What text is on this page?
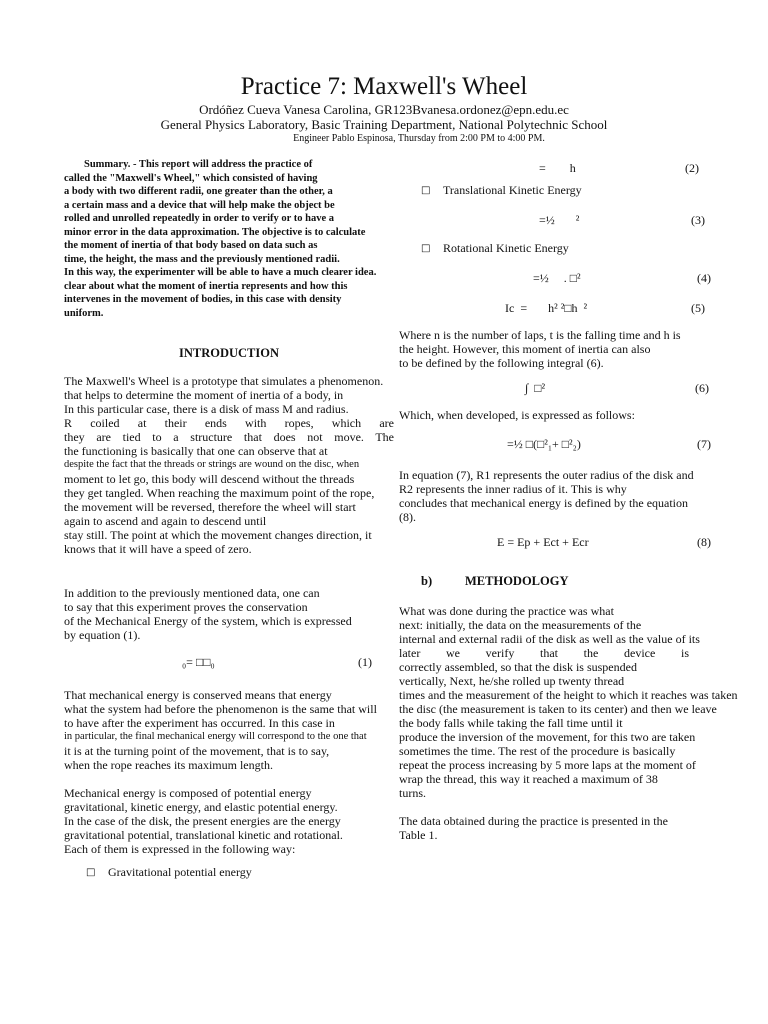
Practice 7: Maxwell's Wheel
Ordóñez Cueva Vanesa Carolina, GR123Bvanesa.ordonez@epn.edu.ec
General Physics Laboratory, Basic Training Department, National Polytechnic School
Engineer Pablo Espinosa, Thursday from 2:00 PM to 4:00 PM.
Summary. - This report will address the practice of
called the "Maxwell's Wheel," which consisted of having
a body with two different radii, one greater than the other, a
a certain mass and a device that will help make the object be
rolled and unrolled repeatedly in order to verify or to have a
minor error in the data approximation. The objective is to calculate
the moment of inertia of that body based on data such as
time, the height, the mass and the previously mentioned radii.
In this way, the experimenter will be able to have a much clearer idea.
clear about what the moment of inertia represents and how this
intervenes in the movement of bodies, in this case with density
uniform.
INTRODUCTION
The Maxwell's Wheel is a prototype that simulates a phenomenon.
that helps to determine the moment of inertia of a body, in
In this particular case, there is a disk of mass M and radius.
R coiled at their ends with ropes, which are
they are tied to a structure that does not move. The
the functioning is basically that one can observe that at
despite the fact that the threads or strings are wound on the disc, when
moment to let go, this body will descend without the threads
they get tangled. When reaching the maximum point of the rope,
the movement will be reversed, therefore the wheel will start
again to ascend and again to descend until
stay still. The point at which the movement changes direction, it
knows that it will have a speed of zero.
In addition to the previously mentioned data, one can
to say that this experiment proves the conservation
of the Mechanical Energy of the system, which is expressed
by equation (1).
₀= □□₀	(1)
That mechanical energy is conserved means that energy
what the system had before the phenomenon is the same that will
to have after the experiment has occurred. In this case in
in particular, the final mechanical energy will correspond to the one that
it is at the turning point of the movement, that is to say,
when the rope reaches its maximum length.
Mechanical energy is composed of potential energy
gravitational, kinetic energy, and elastic potential energy.
In the case of the disk, the present energies are the energy
gravitational potential, translational kinetic and rotational.
Each of them is expressed in the following way:
□ Gravitational potential energy
=        h	(2)
□ Translational Kinetic Energy
=½       ²	(3)
□ Rotational Kinetic Energy
=½     . □²	(4)
Ic  =       h² ²□h  ²	(5)
Where n is the number of laps, t is the falling time and h is
the height. However, this moment of inertia can also
to be defined by the following integral (6).
∫  □²	(6)
Which, when developed, is expressed as follows:
=½ □(□²₁+ □²₂)	(7)
In equation (7), R1 represents the outer radius of the disk and
R2 represents the inner radius of it. This is why
concludes that mechanical energy is defined by the equation
(8).
E = Ep + Ect + Ecr	(8)
b)	METHODOLOGY
What was done during the practice was what
next: initially, the data on the measurements of the
internal and external radii of the disk as well as the value of its
later we verify that the device is
correctly assembled, so that the disk is suspended
vertically, Next, he/she rolled up twenty thread
times and the measurement of the height to which it reaches was taken
the disc (the measurement is taken to its center) and then we leave
the body falls while taking the fall time until it
produce the inversion of the movement, for this two are taken
sometimes the time. The rest of the procedure is basically
repeat the process increasing by 5 more laps at the moment of
wrap the thread, this way it reached a maximum of 38
turns.
The data obtained during the practice is presented in the
Table 1.
